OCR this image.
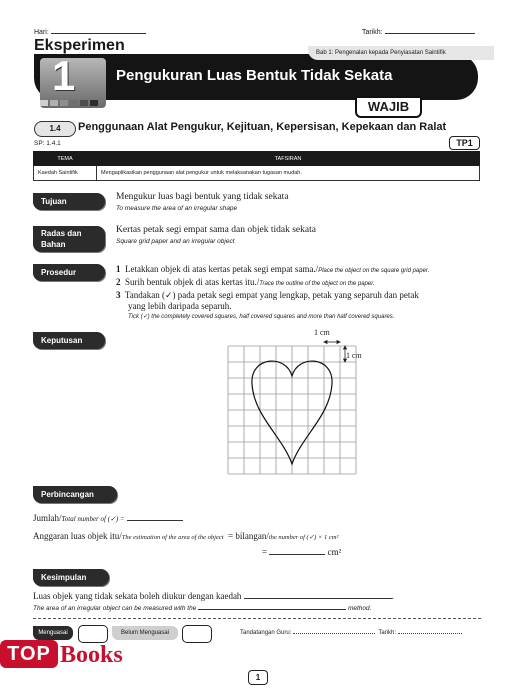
Hari:	Tarikh:
Eksperimen
1	Bab 1: Pengenalan kepada Penyiasatan Saintifik
Pengukuran Luas Bentuk Tidak Sekata
WAJIB
1.4	Penggunaan Alat Pengukur, Kejituan, Kepersisan, Kepekaan dan Ralat
SP: 1.4.1	TP1
TEMA	TAFSIRAN
Kaedah Saintifik	Mengaplikasikan penggunaan alat pengukur untuk melaksanakan tugasan mudah.
Tujuan	Mengukur luas bagi bentuk yang tidak sekata
To measure the area of an irregular shape
Radas dan
Bahan
Kertas petak segi empat sama dan objek tidak sekata
Square grid paper and an irregular object
Prosedur	1 Letakkan objek di atas kertas petak segi empat sama./Place the object on the square grid paper.
2 Surih bentuk objek di atas kertas itu./Trace the outline of the object on the paper.
3 Tandakan (✓) pada petak segi empat yang lengkap, petak yang separuh dan petak
yang lebih daripada separuh.
Tick (✓) the completely covered squares, half covered squares and more than half covered squares.
Keputusan
1 cm
1 cm
Perbincangan
Jumlah/Total number of (✓) =
Anggaran luas objek itu/The estimation of the area of the object = bilangan/the number of (✓) × 1 cm²
=	cm²
Kesimpulan
Luas objek yang tidak sekata boleh diukur dengan kaedah	.
The area of an irregular object can be measured with the	method.
Menguasai	Belum Menguasai	Tandatangan Guru:	Tarikh:
TOP Books
1
